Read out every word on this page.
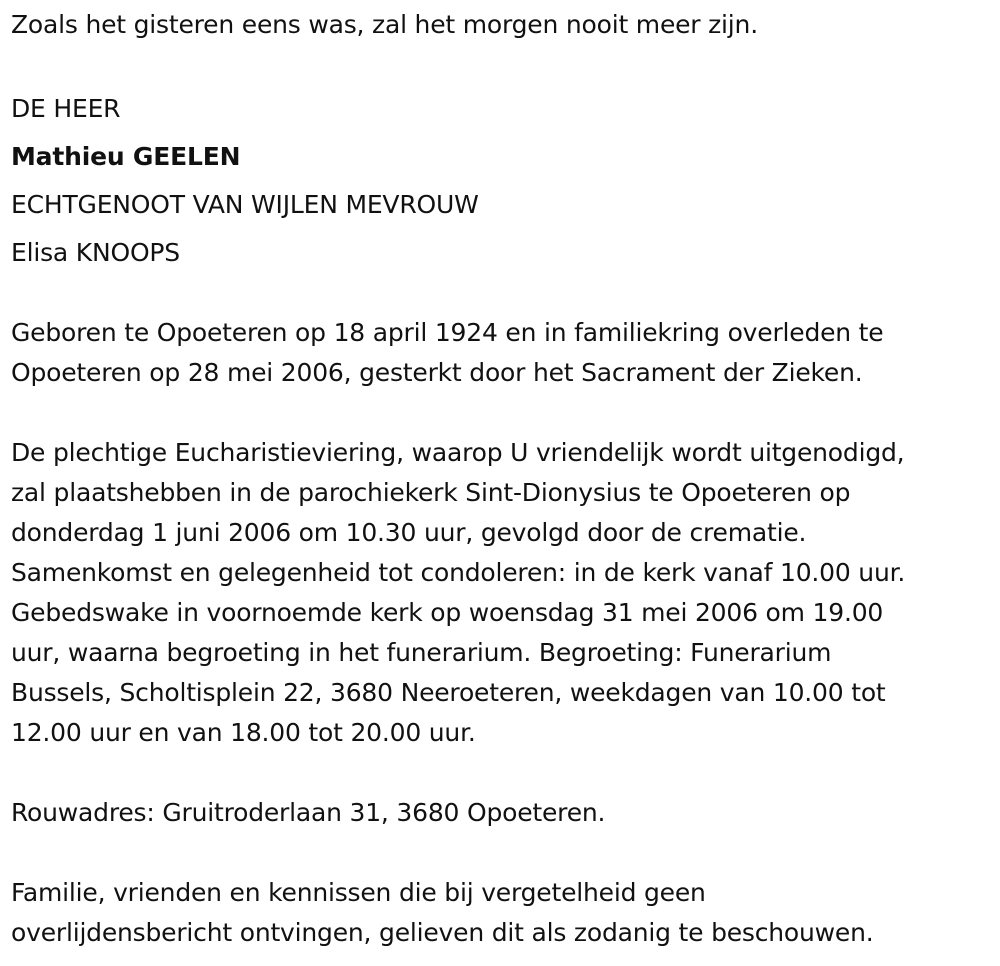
Zoals het gisteren eens was, zal het morgen nooit meer zijn.
DE HEER
Mathieu GEELEN
ECHTGENOOT VAN WIJLEN MEVROUW
Elisa KNOOPS
Geboren te Opoeteren op 18 april 1924 en in familiekring overleden te
Opoeteren op 28 mei 2006, gesterkt door het Sacrament der Zieken.
De plechtige Eucharistieviering, waarop U vriendelijk wordt uitgenodigd,
zal plaatshebben in de parochiekerk Sint-Dionysius te Opoeteren op
donderdag 1 juni 2006 om 10.30 uur, gevolgd door de crematie.
Samenkomst en gelegenheid tot condoleren: in de kerk vanaf 10.00 uur.
Gebedswake in voornoemde kerk op woensdag 31 mei 2006 om 19.00
uur, waarna begroeting in het funerarium. Begroeting: Funerarium
Bussels, Scholtisplein 22, 3680 Neeroeteren, weekdagen van 10.00 tot
12.00 uur en van 18.00 tot 20.00 uur.
Rouwadres: Gruitroderlaan 31, 3680 Opoeteren.
Familie, vrienden en kennissen die bij vergetelheid geen
overlijdensbericht ontvingen, gelieven dit als zodanig te beschouwen.
